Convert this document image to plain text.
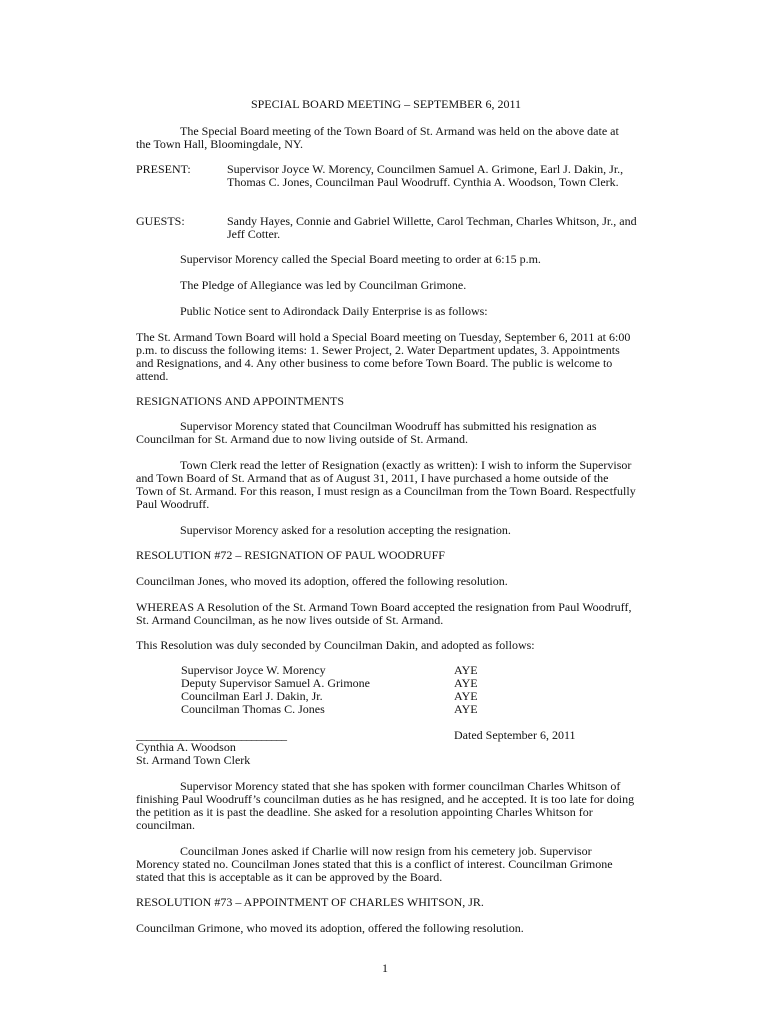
SPECIAL BOARD MEETING – SEPTEMBER 6, 2011

The Special Board meeting of the Town Board of St. Armand was held on the above date at the Town Hall, Bloomingdale, NY.

PRESENT:	Supervisor Joyce W. Morency, Councilmen Samuel A. Grimone, Earl J. Dakin, Jr., Thomas C. Jones, Councilman Paul Woodruff. Cynthia A. Woodson, Town Clerk.

GUESTS:	Sandy Hayes, Connie and Gabriel Willette, Carol Techman, Charles Whitson, Jr., and Jeff Cotter.

Supervisor Morency called the Special Board meeting to order at 6:15 p.m.

The Pledge of Allegiance was led by Councilman Grimone.

Public Notice sent to Adirondack Daily Enterprise is as follows:

The St. Armand Town Board will hold a Special Board meeting on Tuesday, September 6, 2011 at 6:00 p.m. to discuss the following items: 1. Sewer Project, 2. Water Department updates, 3. Appointments and Resignations, and 4. Any other business to come before Town Board. The public is welcome to attend.

RESIGNATIONS AND APPOINTMENTS

Supervisor Morency stated that Councilman Woodruff has submitted his resignation as Councilman for St. Armand due to now living outside of St. Armand.

Town Clerk read the letter of Resignation (exactly as written): I wish to inform the Supervisor and Town Board of St. Armand that as of August 31, 2011, I have purchased a home outside of the Town of St. Armand. For this reason, I must resign as a Councilman from the Town Board. Respectfully Paul Woodruff.

Supervisor Morency asked for a resolution accepting the resignation.

RESOLUTION #72 – RESIGNATION OF PAUL WOODRUFF

Councilman Jones, who moved its adoption, offered the following resolution.

WHEREAS A Resolution of the St. Armand Town Board accepted the resignation from Paul Woodruff, St. Armand Councilman, as he now lives outside of St. Armand.

This Resolution was duly seconded by Councilman Dakin, and adopted as follows:

Supervisor Joyce W. Morency	AYE
Deputy Supervisor Samuel A. Grimone	AYE
Councilman Earl J. Dakin, Jr.	AYE
Councilman Thomas C. Jones	AYE

______________________________	Dated September 6, 2011

Cynthia A. Woodson

St. Armand Town Clerk

Supervisor Morency stated that she has spoken with former councilman Charles Whitson of finishing Paul Woodruff’s councilman duties as he has resigned, and he accepted. It is too late for doing the petition as it is past the deadline. She asked for a resolution appointing Charles Whitson for councilman.

Councilman Jones asked if Charlie will now resign from his cemetery job. Supervisor Morency stated no. Councilman Jones stated that this is a conflict of interest. Councilman Grimone stated that this is acceptable as it can be approved by the Board.

RESOLUTION #73 – APPOINTMENT OF CHARLES WHITSON, JR.

Councilman Grimone, who moved its adoption, offered the following resolution.

1
